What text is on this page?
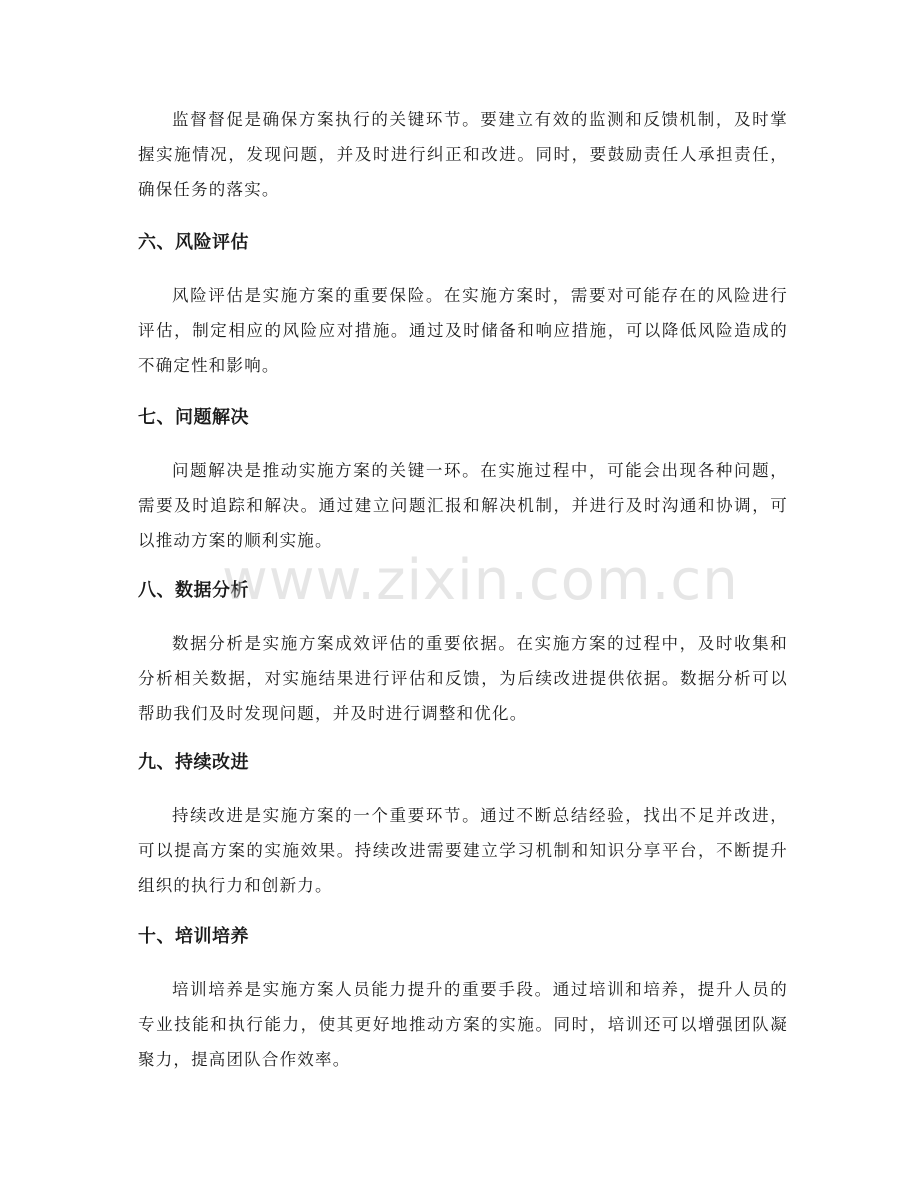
监督督促是确保方案执行的关键环节。要建立有效的监测和反馈机制，及时掌握实施情况，发现问题，并及时进行纠正和改进。同时，要鼓励责任人承担责任，确保任务的落实。

六、风险评估

风险评估是实施方案的重要保险。在实施方案时，需要对可能存在的风险进行评估，制定相应的风险应对措施。通过及时储备和响应措施，可以降低风险造成的不确定性和影响。

七、问题解决

问题解决是推动实施方案的关键一环。在实施过程中，可能会出现各种问题，需要及时追踪和解决。通过建立问题汇报和解决机制，并进行及时沟通和协调，可以推动方案的顺利实施。

八、数据分析

数据分析是实施方案成效评估的重要依据。在实施方案的过程中，及时收集和分析相关数据，对实施结果进行评估和反馈，为后续改进提供依据。数据分析可以帮助我们及时发现问题，并及时进行调整和优化。

九、持续改进

持续改进是实施方案的一个重要环节。通过不断总结经验，找出不足并改进，可以提高方案的实施效果。持续改进需要建立学习机制和知识分享平台，不断提升组织的执行力和创新力。

十、培训培养

培训培养是实施方案人员能力提升的重要手段。通过培训和培养，提升人员的专业技能和执行能力，使其更好地推动方案的实施。同时，培训还可以增强团队凝聚力，提高团队合作效率。

www.zixin.com.cn
